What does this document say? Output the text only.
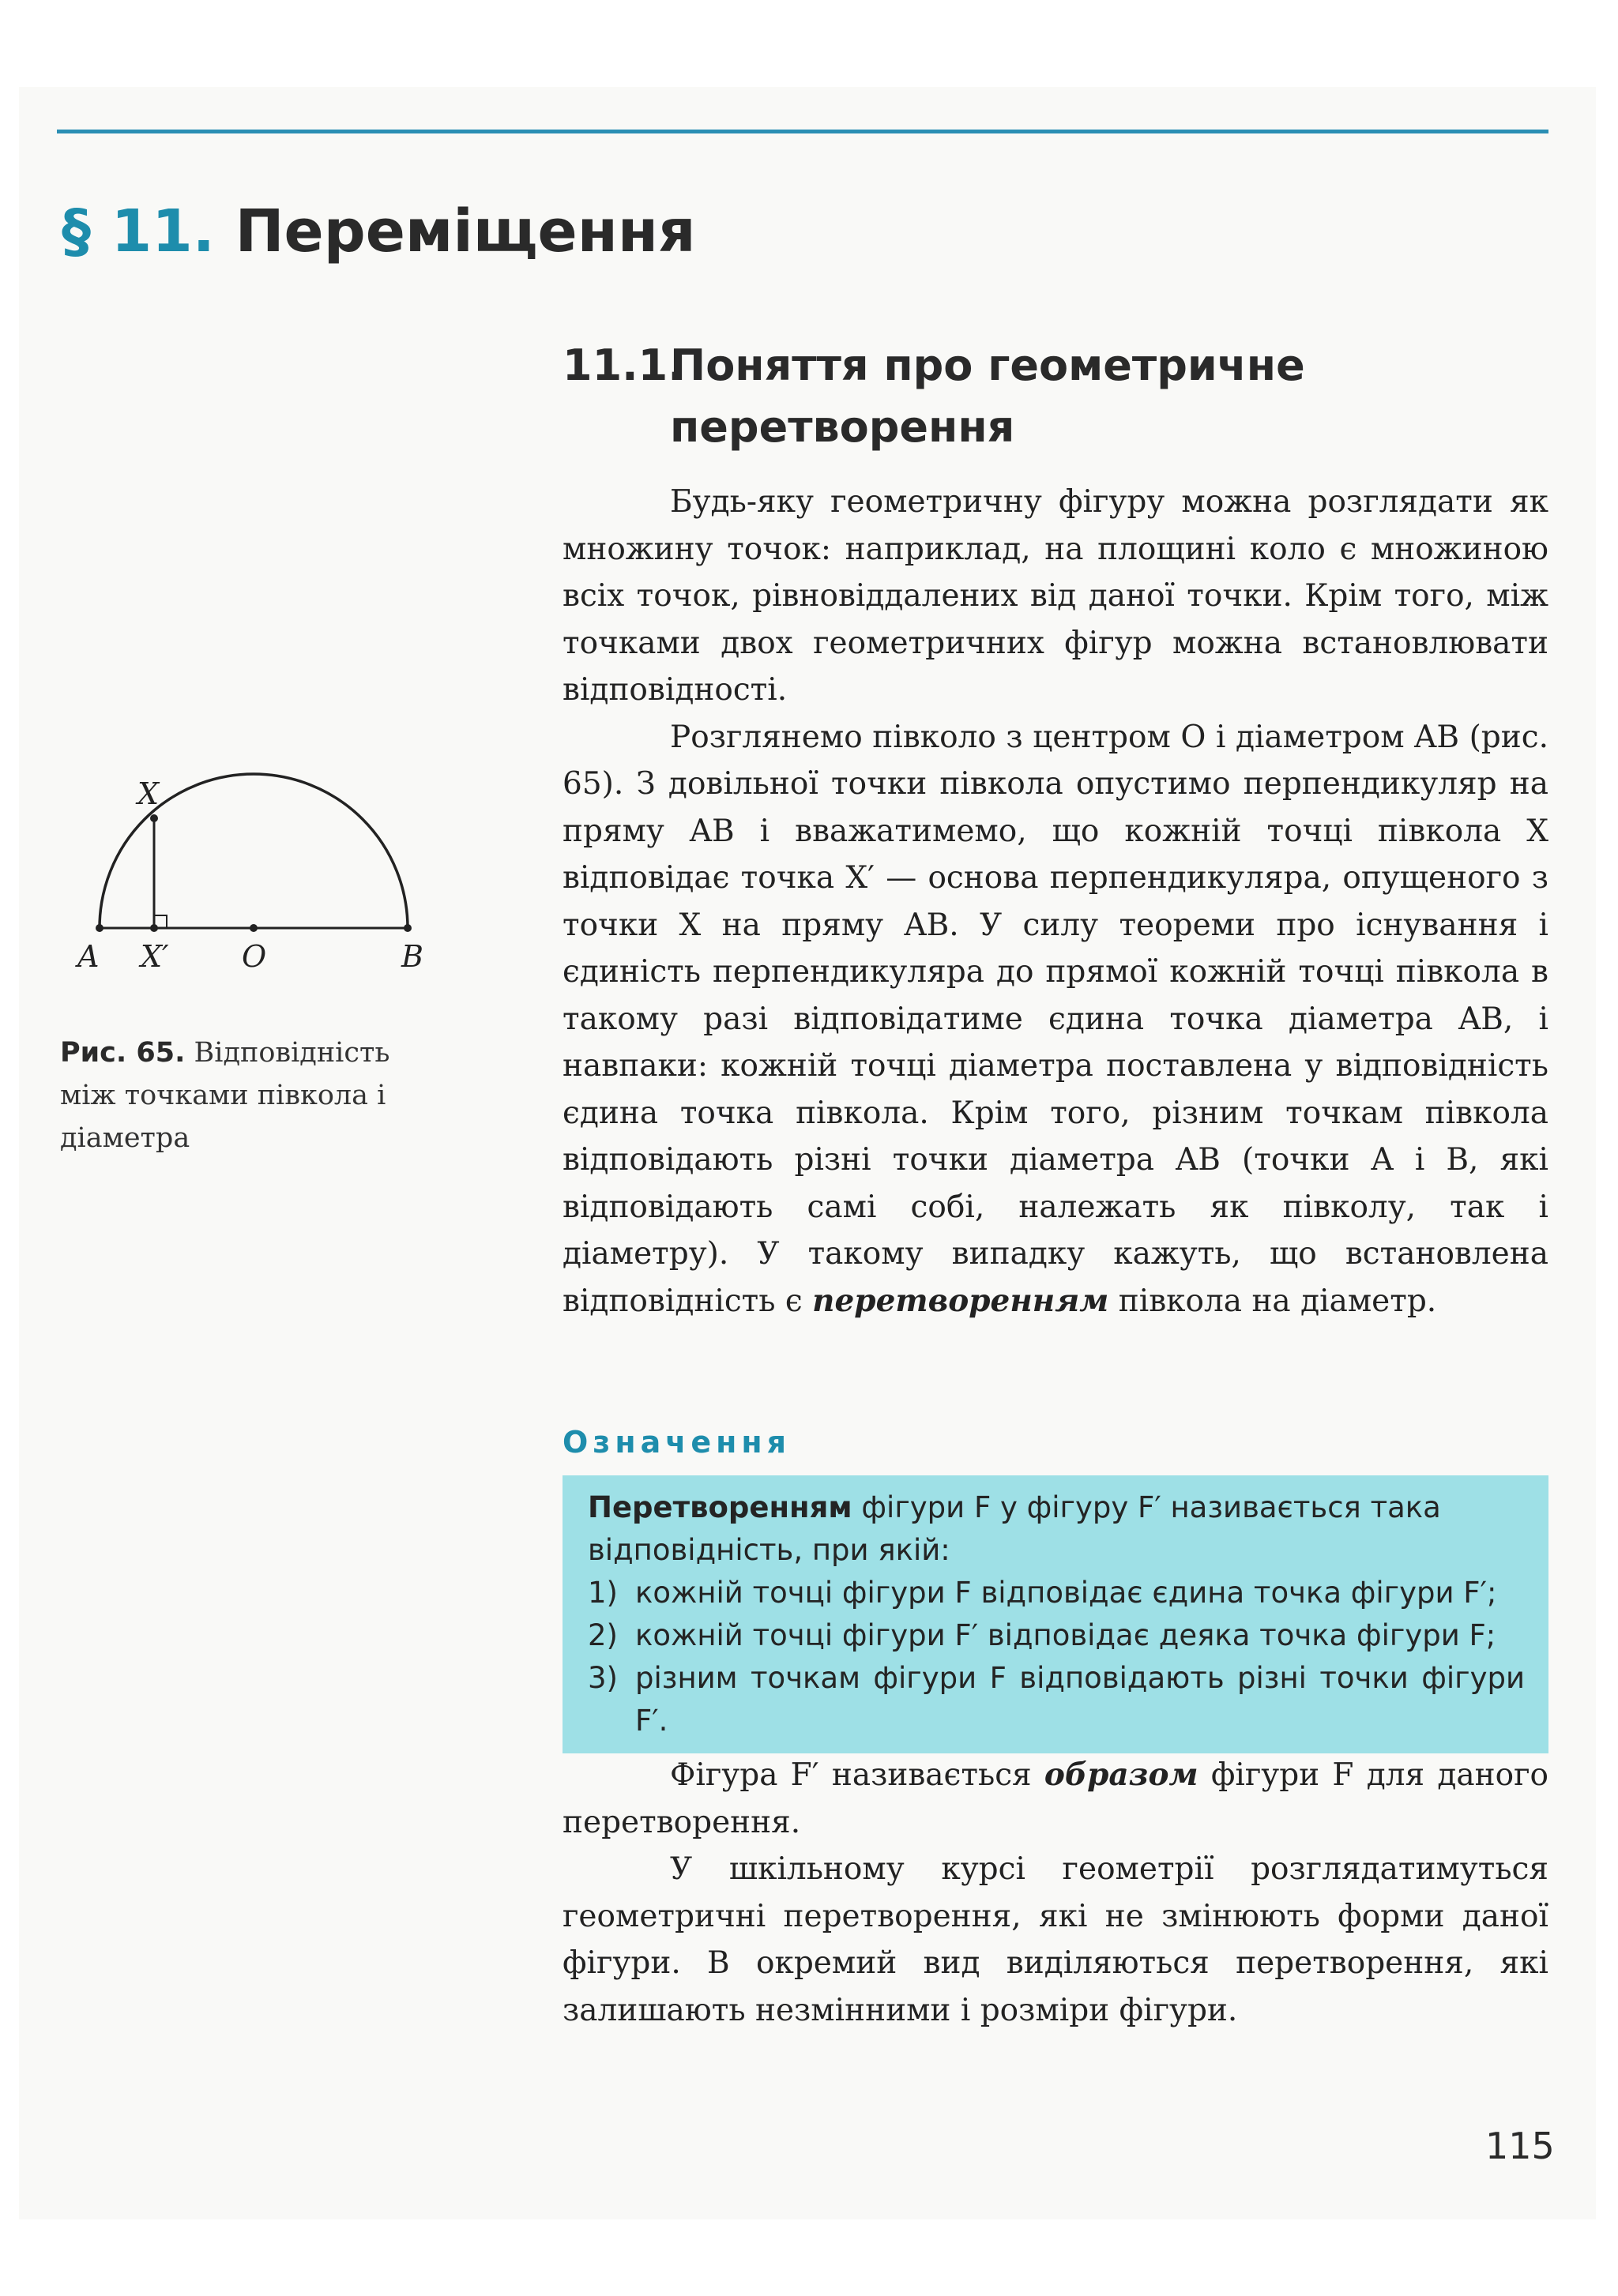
§ 11. Переміщення
11.1.Поняття про геометричне перетворення

Будь-яку геометричну фігуру можна розглядати як множину точок: наприклад, на площині коло є множиною всіх точок, рівновіддалених від даної точки. Крім того, між точками двох геометричних фігур можна встановлювати відповідності.

Розглянемо півколо з центром O і діаметром AB (рис. 65). З довільної точки півкола опустимо перпендикуляр на пряму AB і вважатимемо, що кожній точці півкола X відповідає точка X′ — основа перпендикуляра, опущеного з точки X на пряму AB. У силу теореми про існування і єдиність перпендикуляра до прямої кожній точці півкола в такому разі відповідатиме єдина точка діаметра AB, і навпаки: кожній точці діаметра поставлена у відповідність єдина точка півкола. Крім того, різним точкам півкола відповідають різні точки діаметра AB (точки A і B, які відповідають самі собі, належать як півколу, так і діаметру). У такому випадку кажуть, що встановлена відповідність є перетворенням півкола на діаметр.

X
A X′ O	B
Рис. 65. Відповідність між точками півкола і діаметра
Означення

Перетворенням фігури F у фігуру F′ називається така відповідність, при якій:

1) кожній точці фігури F відповідає єдина точка фігури F′;
2) кожній точці фігури F′ відповідає деяка точка фігури F;
3) різним точкам фігури F відповідають різні точки фігури F′.

Фігура F′ називається образом фігури F для даного перетворення.

У шкільному курсі геометрії розглядатимуться геометричні перетворення, які не змінюють форми даної фігури. В окремий вид виділяються перетворення, які залишають незмінними і розміри фігури.

115
